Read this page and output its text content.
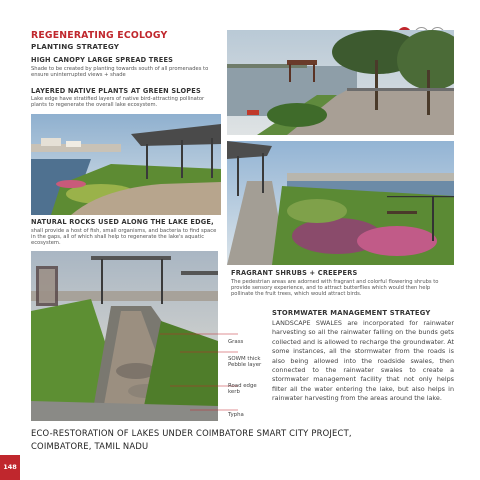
REGENERATING ECOLOGY
PLANTING STRATEGY
HIGH CANOPY LARGE SPREAD TREES
Shade to be created by planting towards south of all promenades to ensure uninterrupted views + shade
LAYERED NATIVE PLANTS AT GREEN SLOPES
Lake edge have stratified layers of native bird-attracting pollinator plants to regenerate the overall lake ecosystem.
NATURAL ROCKS USED ALONG THE LAKE EDGE,
shall provide a host of fish, small organisms, and bacteria to find space in the gaps, all of which shall help to regenerate the lake's aquatic ecosystem.
FRAGRANT SHRUBS + CREEPERS
The pedestrian areas are adorned with fragrant and colorful flowering shrubs to provide sensory experience, and to attract butterflies which would then help pollinate the fruit trees, which would attract birds.
Grass
SOWM thick Pebble layer
Road edge kerb
Typha
STORMWATER MANAGEMENT STRATEGY
LANDSCAPE SWALES are incorporated for rainwater harvesting so all the rainwater falling on the bunds gets collected and is allowed to recharge the groundwater. At some instances, all the stormwater from the roads is also being allowed into the roadside swales, then connected to the rainwater swales to create a stormwater management facility that not only helps filter all the water entering the lake, but also helps in rainwater harvesting from the areas around the lake.
ECO-RESTORATION OF LAKES UNDER COIMBATORE SMART CITY PROJECT,
COIMBATORE, TAMIL NADU
148
